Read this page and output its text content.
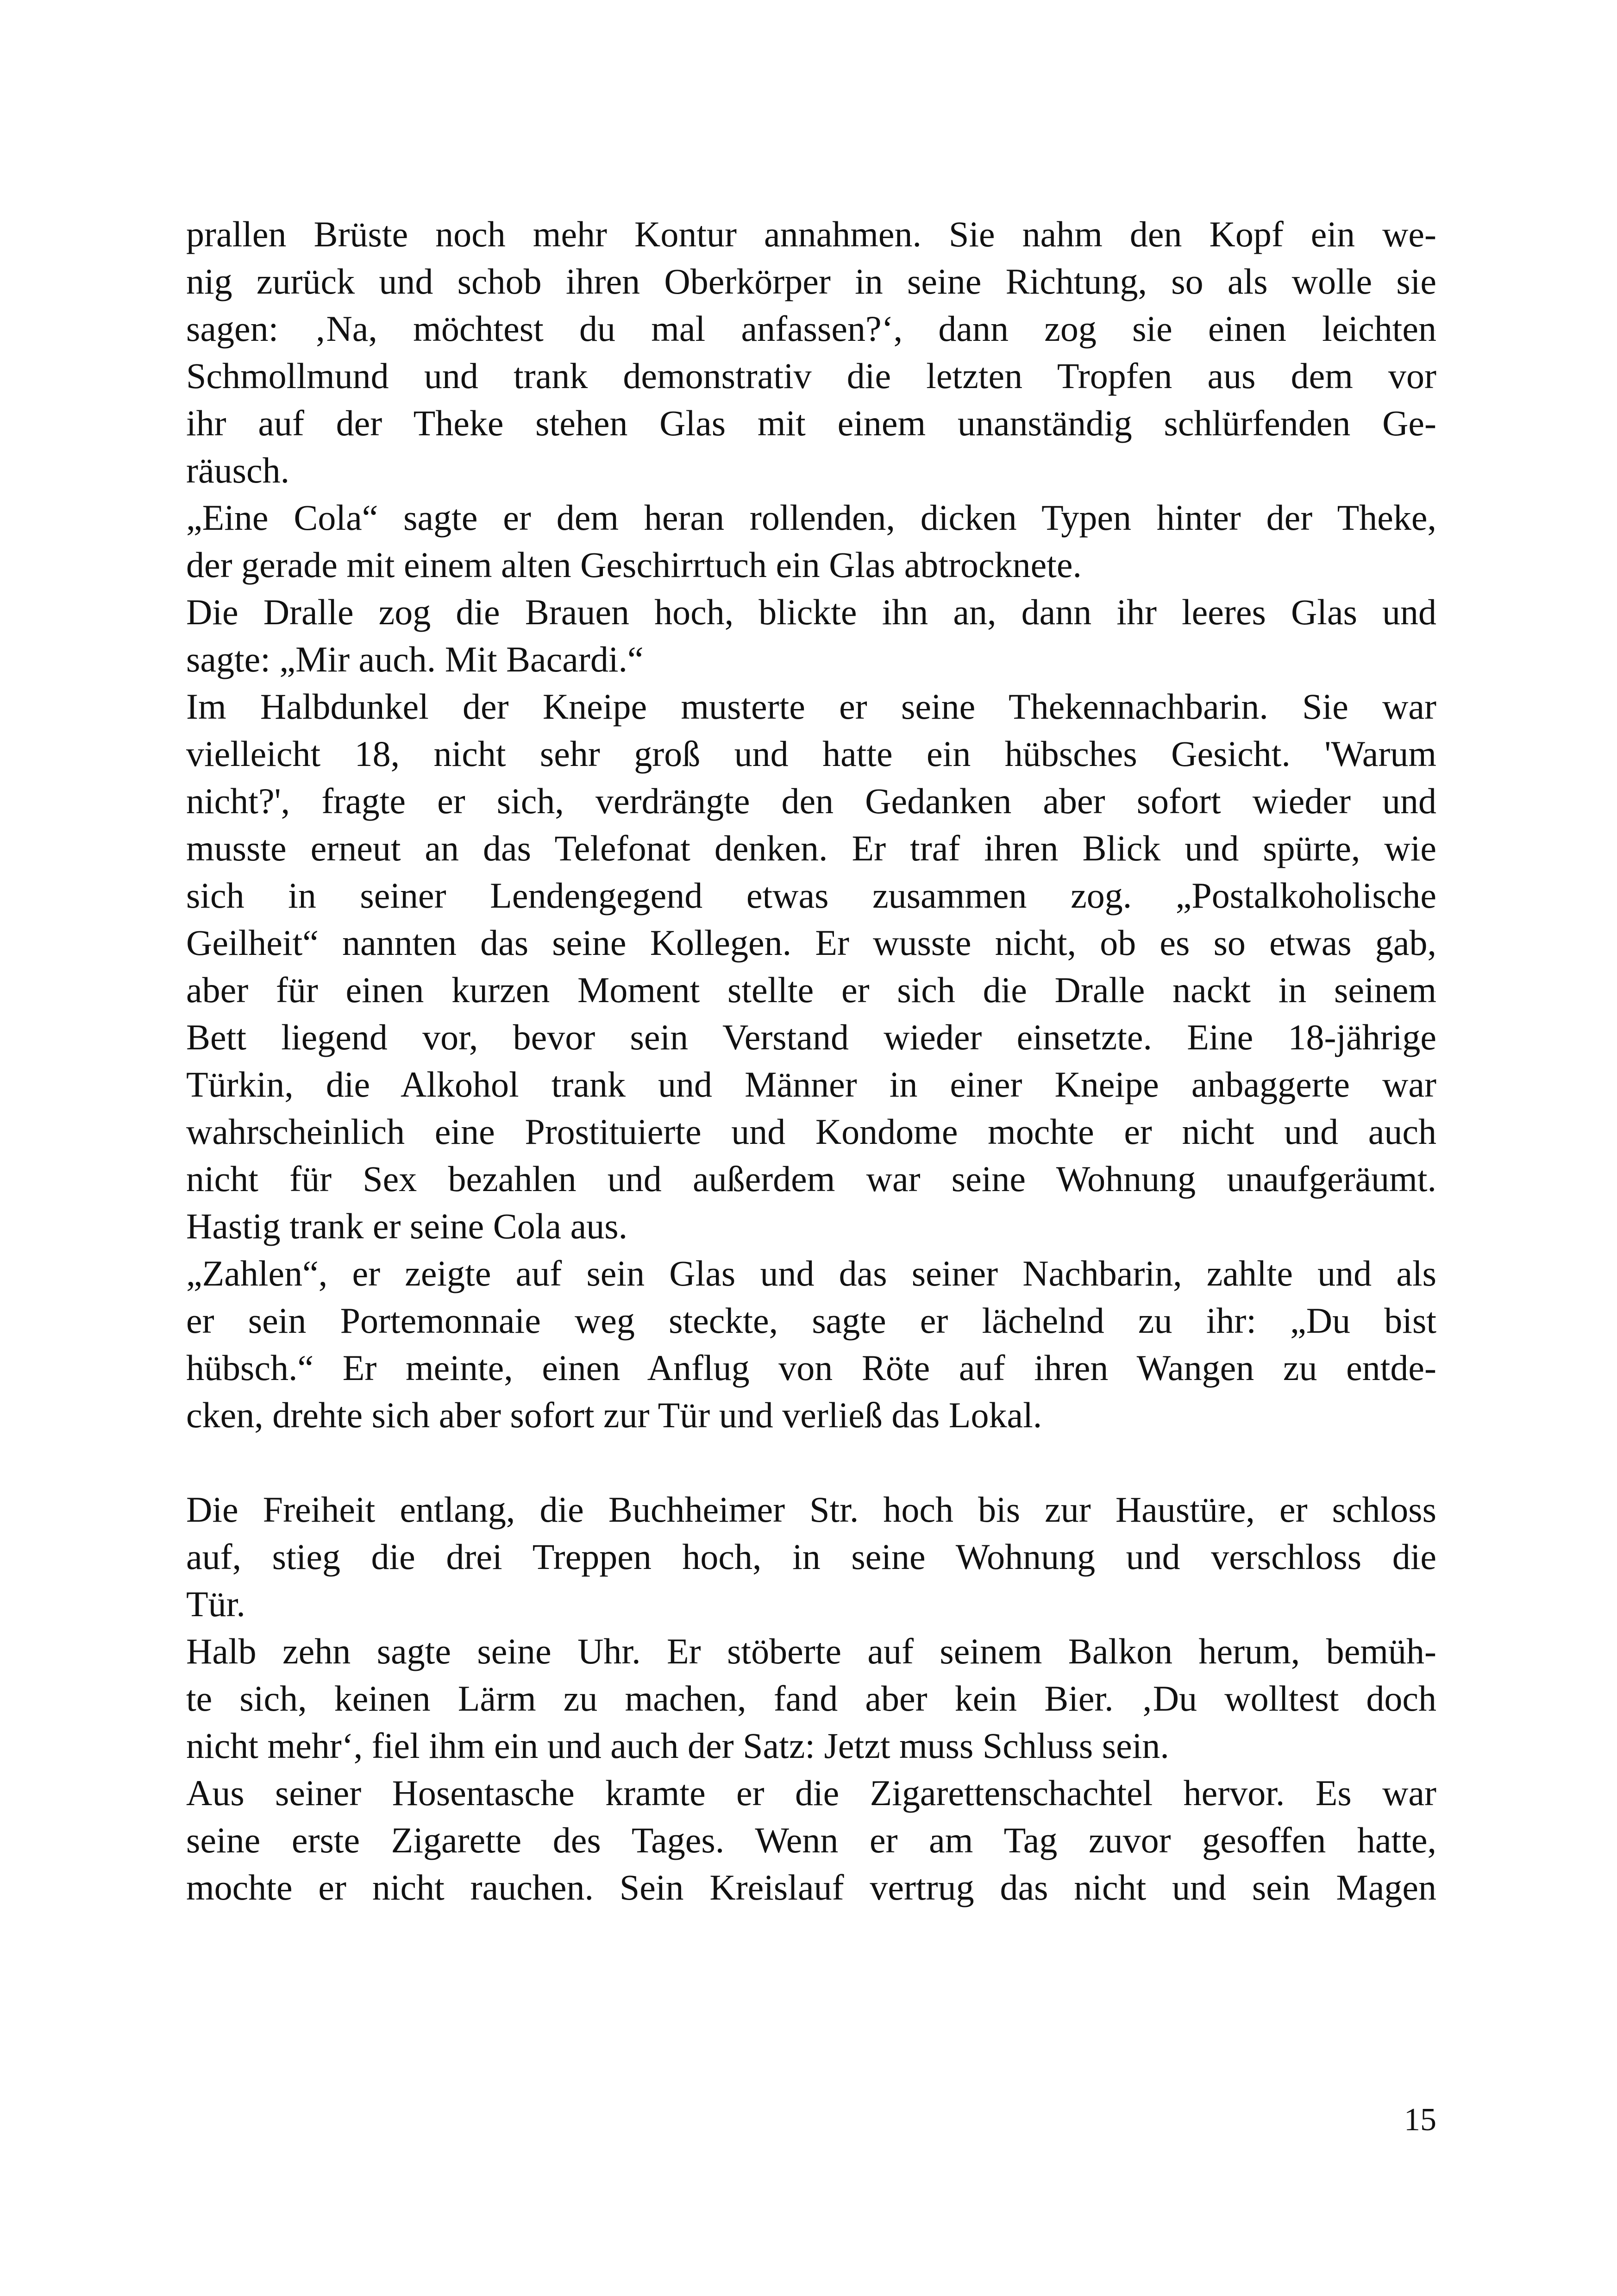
prallen Brüste noch mehr Kontur annahmen. Sie nahm den Kopf ein we-
nig zurück und schob ihren Oberkörper in seine Richtung, so als wolle sie
sagen: ‚Na, möchtest du mal anfassen?‘, dann zog sie einen leichten
Schmollmund und trank demonstrativ die letzten Tropfen aus dem vor
ihr auf der Theke stehen Glas mit einem unanständig schlürfenden Ge-
räusch.
„Eine Cola“ sagte er dem heran rollenden, dicken Typen hinter der Theke,
der gerade mit einem alten Geschirrtuch ein Glas abtrocknete.
Die Dralle zog die Brauen hoch, blickte ihn an, dann ihr leeres Glas und
sagte: „Mir auch. Mit Bacardi.“
Im Halbdunkel der Kneipe musterte er seine Thekennachbarin. Sie war
vielleicht 18, nicht sehr groß und hatte ein hübsches Gesicht. 'Warum
nicht?', fragte er sich, verdrängte den Gedanken aber sofort wieder und
musste erneut an das Telefonat denken. Er traf ihren Blick und spürte, wie
sich in seiner Lendengegend etwas zusammen zog. „Postalkoholische
Geilheit“ nannten das seine Kollegen. Er wusste nicht, ob es so etwas gab,
aber für einen kurzen Moment stellte er sich die Dralle nackt in seinem
Bett liegend vor, bevor sein Verstand wieder einsetzte. Eine 18-jährige
Türkin, die Alkohol trank und Männer in einer Kneipe anbaggerte war
wahrscheinlich eine Prostituierte und Kondome mochte er nicht und auch
nicht für Sex bezahlen und außerdem war seine Wohnung unaufgeräumt.
Hastig trank er seine Cola aus.
„Zahlen“, er zeigte auf sein Glas und das seiner Nachbarin, zahlte und als
er sein Portemonnaie weg steckte, sagte er lächelnd zu ihr: „Du bist
hübsch.“ Er meinte, einen Anflug von Röte auf ihren Wangen zu entde-
cken, drehte sich aber sofort zur Tür und verließ das Lokal.
Die Freiheit entlang, die Buchheimer Str. hoch bis zur Haustüre, er schloss
auf, stieg die drei Treppen hoch, in seine Wohnung und verschloss die
Tür.
Halb zehn sagte seine Uhr. Er stöberte auf seinem Balkon herum, bemüh-
te sich, keinen Lärm zu machen, fand aber kein Bier. ‚Du wolltest doch
nicht mehr‘, fiel ihm ein und auch der Satz: Jetzt muss Schluss sein.
Aus seiner Hosentasche kramte er die Zigarettenschachtel hervor. Es war
seine erste Zigarette des Tages. Wenn er am Tag zuvor gesoffen hatte,
mochte er nicht rauchen. Sein Kreislauf vertrug das nicht und sein Magen
15
